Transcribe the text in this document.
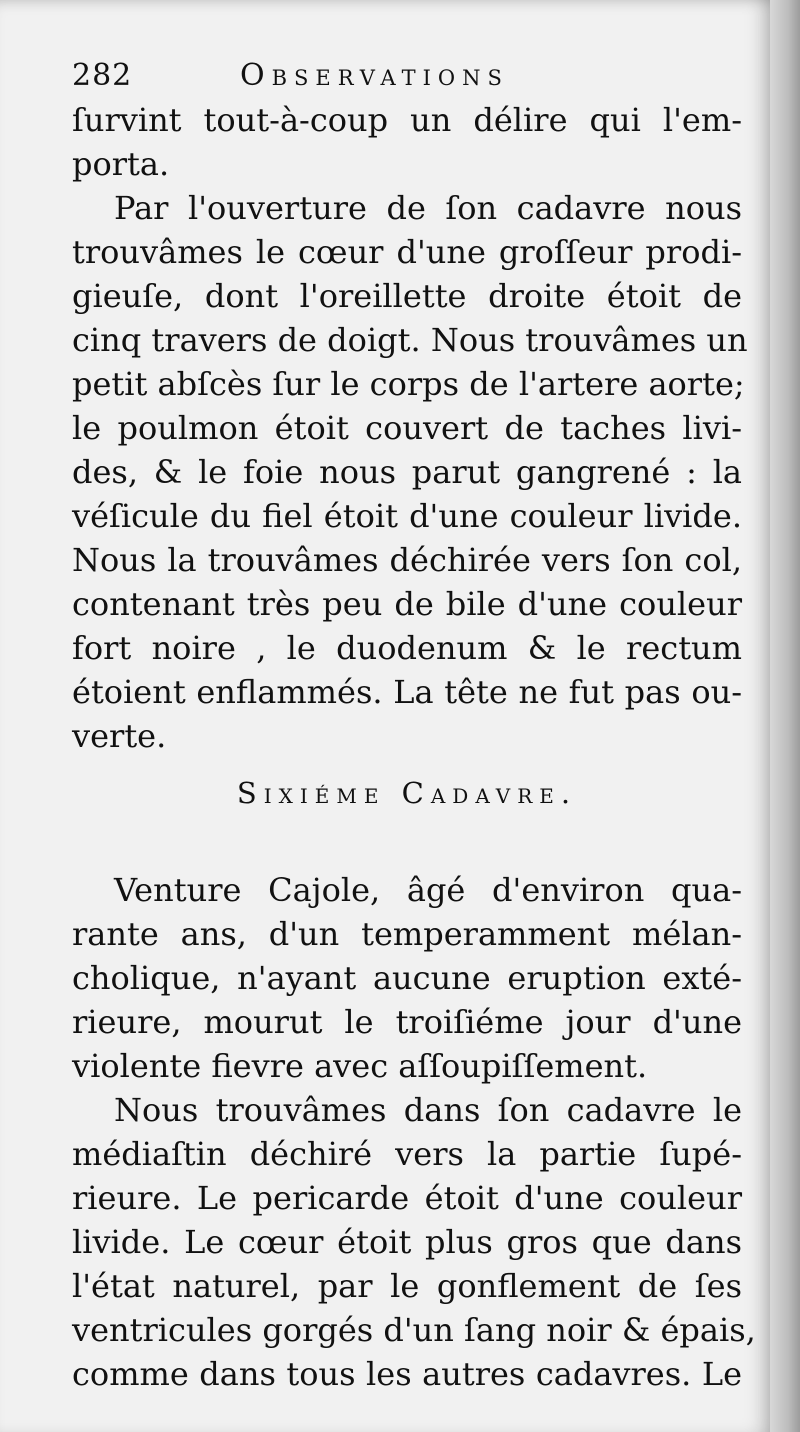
282	Observations
ſurvint tout-à-coup un délire qui l'em-
porta.
Par l'ouverture de ſon cadavre nous
trouvâmes le cœur d'une groſſeur prodi-
gieuſe, dont l'oreillette droite étoit de
cinq travers de doigt. Nous trouvâmes un
petit abſcès ſur le corps de l'artere aorte;
le poulmon étoit couvert de taches livi-
des, & le foie nous parut gangrené : la
véſicule du fiel étoit d'une couleur livide.
Nous la trouvâmes déchirée vers ſon col,
contenant très peu de bile d'une couleur
fort noire , le duodenum & le rectum
étoient enflammés. La tête ne fut pas ou-
verte.
Sixiéme Cadavre.
Venture Cajole, âgé d'environ qua-
rante ans, d'un temperamment mélan-
cholique, n'ayant aucune eruption exté-
rieure, mourut le troiſiéme jour d'une
violente fievre avec aſſoupiſſement.
Nous trouvâmes dans ſon cadavre le
médiaſtin déchiré vers la partie ſupé-
rieure. Le pericarde étoit d'une couleur
livide. Le cœur étoit plus gros que dans
l'état naturel, par le gonflement de ſes
ventricules gorgés d'un ſang noir & épais,
comme dans tous les autres cadavres. Le
